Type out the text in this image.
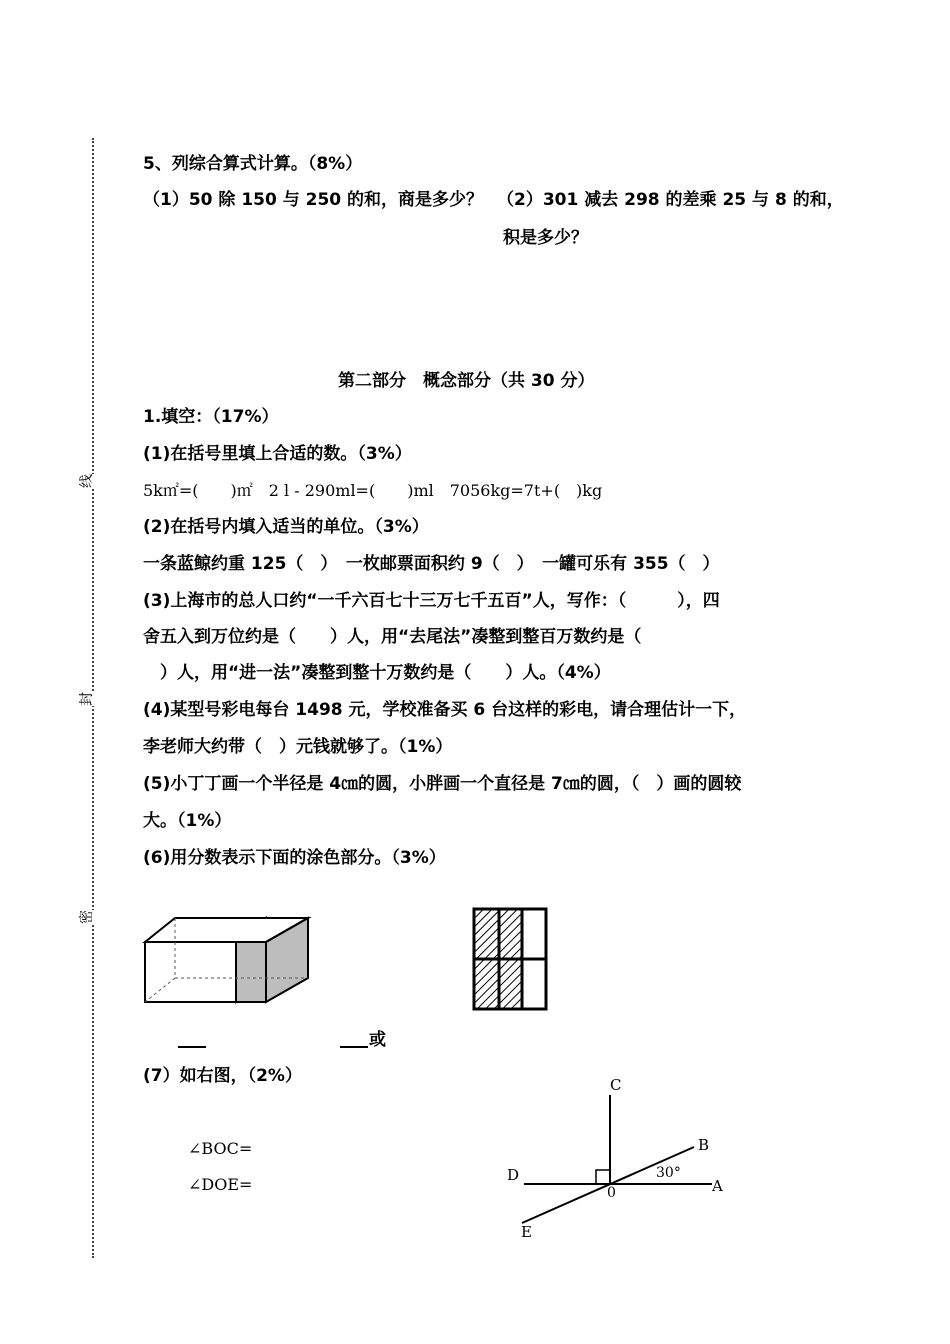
线
封
密
5、列综合算式计算。（8%）
（1）50 除 150 与 250 的和，商是多少？ （2）301 减去 298 的差乘 25 与 8 的和，
积是多少？
第二部分　概念部分（共 30 分）
1.填空：（17%）
(1)在括号里填上合适的数。（3%）
5k㎡=(　　)㎡　2 l - 290ml=(　　)ml　7056kg=7t+(　)kg
(2)在括号内填入适当的单位。（3%）
一条蓝鲸约重 125（　）　一枚邮票面积约 9（　）　一罐可乐有 355（　）
(3)上海市的总人口约“一千六百七十三万七千五百”人，写作：（　　　），四
舍五入到万位约是（　　）人，用“去尾法”凑整到整百万数约是（
　）人，用“进一法”凑整到整十万数约是（　　）人。（4%）
(4)某型号彩电每台 1498 元，学校准备买 6 台这样的彩电，请合理估计一下，
李老师大约带（　）元钱就够了。（1%）
(5)小丁丁画一个半径是 4㎝的圆，小胖画一个直径是 7㎝的圆，（　）画的圆较
大。（1%）
(6)用分数表示下面的涂色部分。（3%）
或
(7）如右图，（2%）
∠BOC=
∠DOE=
C
B
D
0	A
E
30°
